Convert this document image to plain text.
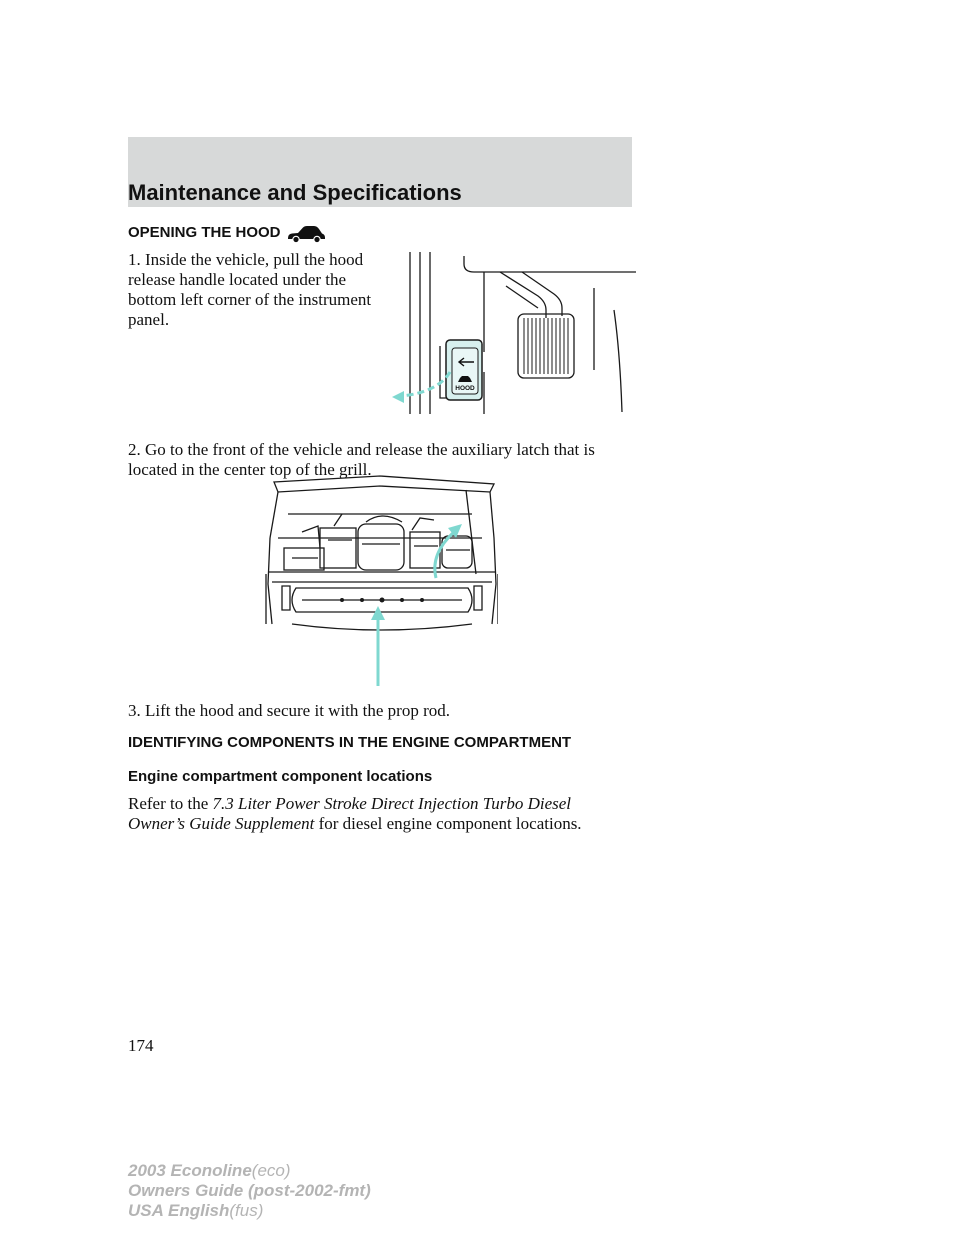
Maintenance and Specifications
OPENING THE HOOD
1. Inside the vehicle, pull the hood release handle located under the bottom left corner of the instrument panel.
HOOD
2. Go to the front of the vehicle and release the auxiliary latch that is located in the center top of the grill.
3. Lift the hood and secure it with the prop rod.
IDENTIFYING COMPONENTS IN THE ENGINE COMPARTMENT
Engine compartment component locations
Refer to the 7.3 Liter Power Stroke Direct Injection Turbo Diesel Owner’s Guide Supplement for diesel engine component locations.
174
2003 Econoline(eco)
Owners Guide (post-2002-fmt)
USA English(fus)
